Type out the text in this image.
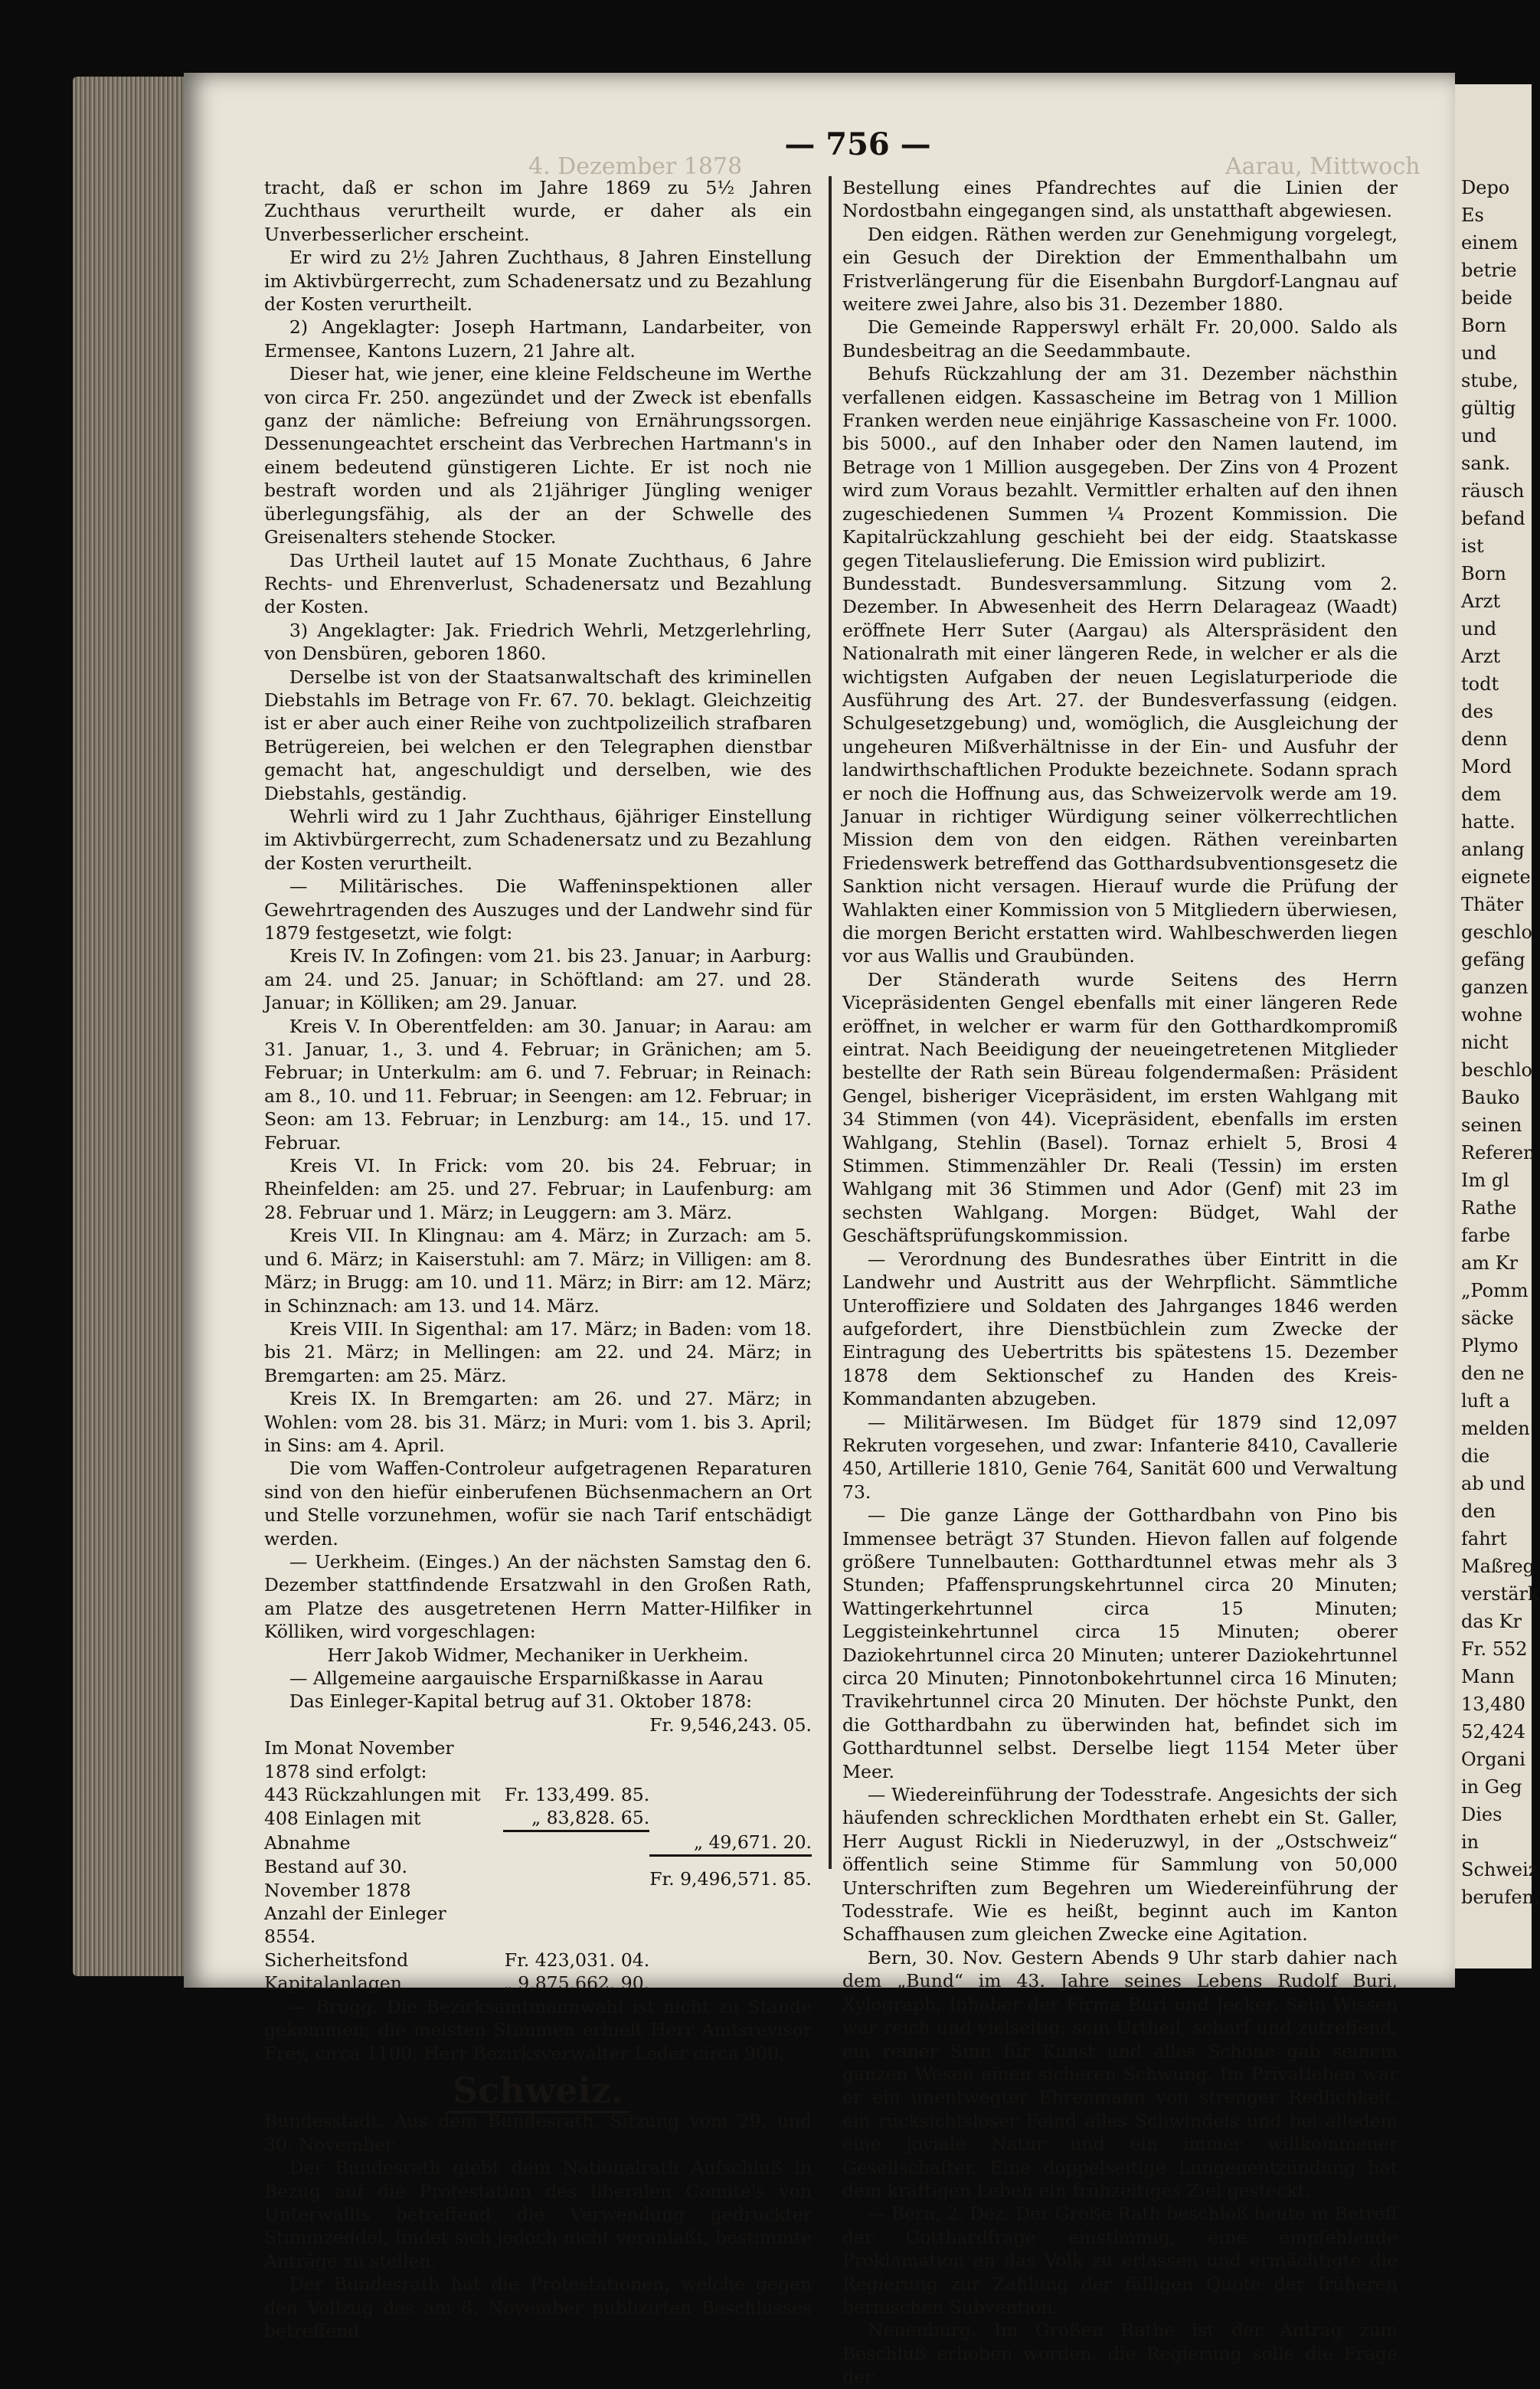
Depo
Es
einem
betrie
beide
Born
und
stube,
gültig
und
sank.
räusch
befand
ist
Born
Arzt
und
Arzt
todt
des
denn
Mord
dem
hatte.
anlang
eignete
Thäter
geschlo
gefäng
ganzen
wohne
nicht
beschlo
Bauko
seinen
Referen
Im gl
Rathe
farbe
am Kr
„Pomm
säcke
Plymo
den ne
luft a
melden
die
ab und
den
fahrt
Maßreg
verstärk
das Kr
Fr. 552
Mann
13,480
52,424
Organi
in Geg
Dies
in
Schweiz
berufen.
4. Dezember 1878	Aarau, Mittwoch
— 756 —

tracht, daß er schon im Jahre 1869 zu 5½ Jahren Zuchthaus verurtheilt wurde, er daher als ein Unverbesserlicher erscheint.

Er wird zu 2½ Jahren Zuchthaus, 8 Jahren Einstellung im Aktivbürgerrecht, zum Schadenersatz und zu Bezahlung der Kosten verurtheilt.

2) Angeklagter: Joseph Hartmann, Landarbeiter, von Ermensee, Kantons Luzern, 21 Jahre alt.

Dieser hat, wie jener, eine kleine Feldscheune im Werthe von circa Fr. 250. angezündet und der Zweck ist ebenfalls ganz der nämliche: Befreiung von Ernährungssorgen. Dessenungeachtet erscheint das Verbrechen Hartmann's in einem bedeutend günstigeren Lichte. Er ist noch nie bestraft worden und als 21jähriger Jüngling weniger überlegungsfähig, als der an der Schwelle des Greisenalters stehende Stocker.

Das Urtheil lautet auf 15 Monate Zuchthaus, 6 Jahre Rechts- und Ehrenverlust, Schadenersatz und Bezahlung der Kosten.

3) Angeklagter: Jak. Friedrich Wehrli, Metzgerlehrling, von Densbüren, geboren 1860.

Derselbe ist von der Staatsanwaltschaft des kriminellen Diebstahls im Betrage von Fr. 67. 70. beklagt. Gleichzeitig ist er aber auch einer Reihe von zuchtpolizeilich strafbaren Betrügereien, bei welchen er den Telegraphen dienstbar gemacht hat, angeschuldigt und derselben, wie des Diebstahls, geständig.

Wehrli wird zu 1 Jahr Zuchthaus, 6jähriger Einstellung im Aktivbürgerrecht, zum Schadenersatz und zu Bezahlung der Kosten verurtheilt.

— Militärisches. Die Waffeninspektionen aller Gewehrtragenden des Auszuges und der Landwehr sind für 1879 festgesetzt, wie folgt:

Kreis IV. In Zofingen: vom 21. bis 23. Januar; in Aarburg: am 24. und 25. Januar; in Schöftland: am 27. und 28. Januar; in Kölliken; am 29. Januar.

Kreis V. In Oberentfelden: am 30. Januar; in Aarau: am 31. Januar, 1., 3. und 4. Februar; in Gränichen; am 5. Februar; in Unterkulm: am 6. und 7. Februar; in Reinach: am 8., 10. und 11. Februar; in Seengen: am 12. Februar; in Seon: am 13. Februar; in Lenzburg: am 14., 15. und 17. Februar.

Kreis VI. In Frick: vom 20. bis 24. Februar; in Rheinfelden: am 25. und 27. Februar; in Laufenburg: am 28. Februar und 1. März; in Leuggern: am 3. März.

Kreis VII. In Klingnau: am 4. März; in Zurzach: am 5. und 6. März; in Kaiserstuhl: am 7. März; in Villigen: am 8. März; in Brugg: am 10. und 11. März; in Birr: am 12. März; in Schinznach: am 13. und 14. März.

Kreis VIII. In Sigenthal: am 17. März; in Baden: vom 18. bis 21. März; in Mellingen: am 22. und 24. März; in Bremgarten: am 25. März.

Kreis IX. In Bremgarten: am 26. und 27. März; in Wohlen: vom 28. bis 31. März; in Muri: vom 1. bis 3. April; in Sins: am 4. April.

Die vom Waffen-Controleur aufgetragenen Reparaturen sind von den hiefür einberufenen Büchsenmachern an Ort und Stelle vorzunehmen, wofür sie nach Tarif entschädigt werden.

— Uerkheim. (Einges.) An der nächsten Samstag den 6. Dezember stattfindende Ersatzwahl in den Großen Rath, am Platze des ausgetretenen Herrn Matter-Hilfiker in Kölliken, wird vorgeschlagen:

Herr Jakob Widmer, Mechaniker in Uerkheim.

— Allgemeine aargauische Ersparnißkasse in Aarau

Das Einleger-Kapital betrug auf 31. Oktober 1878:

		Fr. 9,546,243. 05.
Im Monat November 1878 sind erfolgt:		
443 Rückzahlungen mit	Fr. 133,499. 85.	
408 Einlagen mit	„ 83,828. 65.	
Abnahme		„ 49,671. 20.
Bestand auf 30. November 1878		Fr. 9,496,571. 85.
Anzahl der Einleger 8554.		
Sicherheitsfond	Fr. 423,031. 04.	
Kapitalanlagen	„ 9,875,662. 90.	

— Brugg. Die Bezirksamtmannwahl ist nicht zu Stande gekommen; die meisten Stimmen erhielt Herr Amtsrevisor Frey, circa 1100; Herr Bezirksverwalter Leder circa 900.

Schweiz.

Bundesstadt. Aus dem Bundesrath. Sitzung vom 29. und 30. November.

Der Bundesrath giebt dem Nationalrath Aufschluß in Bezug auf die Protestation des liberalen Comité's von Unterwallis betreffend die Verwendung gedruckter Stimmzeddel, findet sich jedoch nicht veranlaßt, bestimmte Anträge zu stellen.

Der Bundesrath hat die Protestationen, welche gegen den Vollzug des am 8. November publizirten Beschlusses betreffend

Bestellung eines Pfandrechtes auf die Linien der Nordostbahn eingegangen sind, als unstatthaft abgewiesen.

Den eidgen. Räthen werden zur Genehmigung vorgelegt, ein Gesuch der Direktion der Emmenthalbahn um Fristverlängerung für die Eisenbahn Burgdorf-Langnau auf weitere zwei Jahre, also bis 31. Dezember 1880.

Die Gemeinde Rapperswyl erhält Fr. 20,000. Saldo als Bundesbeitrag an die Seedammbaute.

Behufs Rückzahlung der am 31. Dezember nächsthin verfallenen eidgen. Kassascheine im Betrag von 1 Million Franken werden neue einjährige Kassascheine von Fr. 1000. bis 5000., auf den Inhaber oder den Namen lautend, im Betrage von 1 Million ausgegeben. Der Zins von 4 Prozent wird zum Voraus bezahlt. Vermittler erhalten auf den ihnen zugeschiedenen Summen ¼ Prozent Kommission. Die Kapitalrückzahlung geschieht bei der eidg. Staatskasse gegen Titelauslieferung. Die Emission wird publizirt.

Bundesstadt. Bundesversammlung. Sitzung vom 2. Dezember. In Abwesenheit des Herrn Delarageaz (Waadt) eröffnete Herr Suter (Aargau) als Alterspräsident den Nationalrath mit einer längeren Rede, in welcher er als die wichtigsten Aufgaben der neuen Legislaturperiode die Ausführung des Art. 27. der Bundesverfassung (eidgen. Schulgesetzgebung) und, womöglich, die Ausgleichung der ungeheuren Mißverhältnisse in der Ein- und Ausfuhr der landwirthschaftlichen Produkte bezeichnete. Sodann sprach er noch die Hoffnung aus, das Schweizervolk werde am 19. Januar in richtiger Würdigung seiner völkerrechtlichen Mission dem von den eidgen. Räthen vereinbarten Friedenswerk betreffend das Gotthardsubventionsgesetz die Sanktion nicht versagen. Hierauf wurde die Prüfung der Wahlakten einer Kommission von 5 Mitgliedern überwiesen, die morgen Bericht erstatten wird. Wahlbeschwerden liegen vor aus Wallis und Graubünden.

Der Ständerath wurde Seitens des Herrn Vicepräsidenten Gengel ebenfalls mit einer längeren Rede eröffnet, in welcher er warm für den Gotthardkompromiß eintrat. Nach Beeidigung der neueingetretenen Mitglieder bestellte der Rath sein Büreau folgendermaßen: Präsident Gengel, bisheriger Vicepräsident, im ersten Wahlgang mit 34 Stimmen (von 44). Vicepräsident, ebenfalls im ersten Wahlgang, Stehlin (Basel). Tornaz erhielt 5, Brosi 4 Stimmen. Stimmenzähler Dr. Reali (Tessin) im ersten Wahlgang mit 36 Stimmen und Ador (Genf) mit 23 im sechsten Wahlgang. Morgen: Büdget, Wahl der Geschäftsprüfungskommission.

— Verordnung des Bundesrathes über Eintritt in die Landwehr und Austritt aus der Wehrpflicht. Sämmtliche Unteroffiziere und Soldaten des Jahrganges 1846 werden aufgefordert, ihre Dienstbüchlein zum Zwecke der Eintragung des Uebertritts bis spätestens 15. Dezember 1878 dem Sektionschef zu Handen des Kreis-Kommandanten abzugeben.

— Militärwesen. Im Büdget für 1879 sind 12,097 Rekruten vorgesehen, und zwar: Infanterie 8410, Cavallerie 450, Artillerie 1810, Genie 764, Sanität 600 und Verwaltung 73.

— Die ganze Länge der Gotthardbahn von Pino bis Immensee beträgt 37 Stunden. Hievon fallen auf folgende größere Tunnelbauten: Gotthardtunnel etwas mehr als 3 Stunden; Pfaffensprungskehrtunnel circa 20 Minuten; Wattingerkehrtunnel circa 15 Minuten; Leggisteinkehrtunnel circa 15 Minuten; oberer Daziokehrtunnel circa 20 Minuten; unterer Daziokehrtunnel circa 20 Minuten; Pinnotonbokehrtunnel circa 16 Minuten; Travikehrtunnel circa 20 Minuten. Der höchste Punkt, den die Gotthardbahn zu überwinden hat, befindet sich im Gotthardtunnel selbst. Derselbe liegt 1154 Meter über Meer.

— Wiedereinführung der Todesstrafe. Angesichts der sich häufenden schrecklichen Mordthaten erhebt ein St. Galler, Herr August Rickli in Niederuzwyl, in der „Ostschweiz“ öffentlich seine Stimme für Sammlung von 50,000 Unterschriften zum Begehren um Wiedereinführung der Todesstrafe. Wie es heißt, beginnt auch im Kanton Schaffhausen zum gleichen Zwecke eine Agitation.

Bern, 30. Nov. Gestern Abends 9 Uhr starb dahier nach dem „Bund“ im 43. Jahre seines Lebens Rudolf Buri, Xylograph, Inhaber der Firma Buri und Jecker. Sein Wissen war reich und vielseitig; sein Urtheil, scharf und zutreffend, ein reiner Sinn für Kunst und alles Schöne gab seinem ganzen Wesen einen sicheren Schwung. Im Privatleben war er ein unentwegter Ehrenmann von strenger Redlichkeit, ein rücksichtsloser Feind alles Schwindels und bei alledem eine joviale Natur und ein immer willkommener Gesellschafter. Eine doppelseitige Lungenentzündung hat dem kräftigen Leben ein frühzeitiges Ziel gesteckt.

— Bern, 2. Dez. Der Große Rath beschloß heute in Betreff der Gotthardfrage einstimmig, eine empfehlende Proklamation an das Volk zu erlassen und ermächtigte die Regierung zur Zahlung der fälligen Quote der früheren bernischen Subvention.

Neuenburg. Im Großen Rathe ist der Antrag zum Beschluß erhoben worden, die Regierung solle die Frage der
